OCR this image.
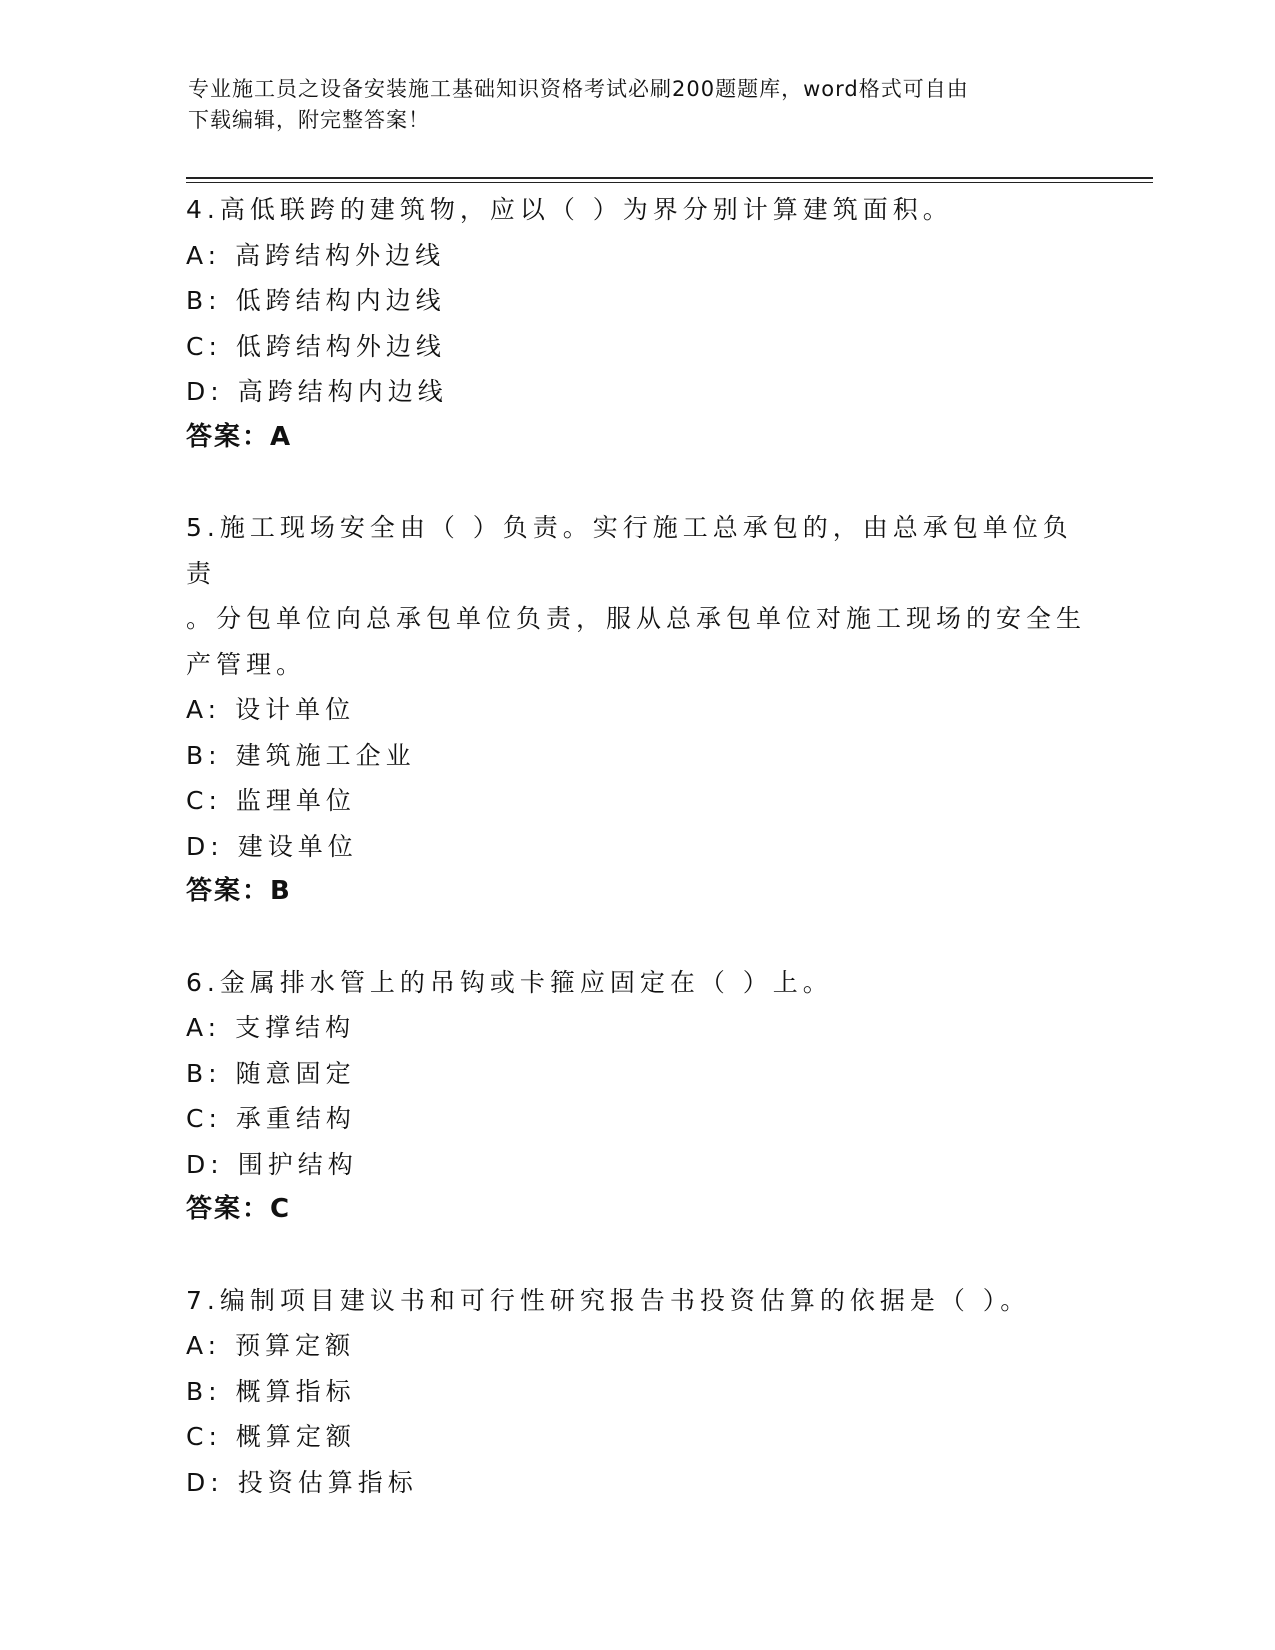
专业施工员之设备安装施工基础知识资格考试必刷200题题库，word格式可自由
下载编辑，附完整答案！
4.高低联跨的建筑物，应以（ ）为界分别计算建筑面积。
A: 高跨结构外边线
B: 低跨结构内边线
C: 低跨结构外边线
D: 高跨结构内边线
答案：A
5.施工现场安全由（ ）负责。实行施工总承包的，由总承包单位负责
。分包单位向总承包单位负责，服从总承包单位对施工现场的安全生
产管理。
A: 设计单位
B: 建筑施工企业
C: 监理单位
D: 建设单位
答案：B
6.金属排水管上的吊钩或卡箍应固定在（ ）上。
A: 支撑结构
B: 随意固定
C: 承重结构
D: 围护结构
答案：C
7.编制项目建议书和可行性研究报告书投资估算的依据是（ ）。
A: 预算定额
B: 概算指标
C: 概算定额
D: 投资估算指标
